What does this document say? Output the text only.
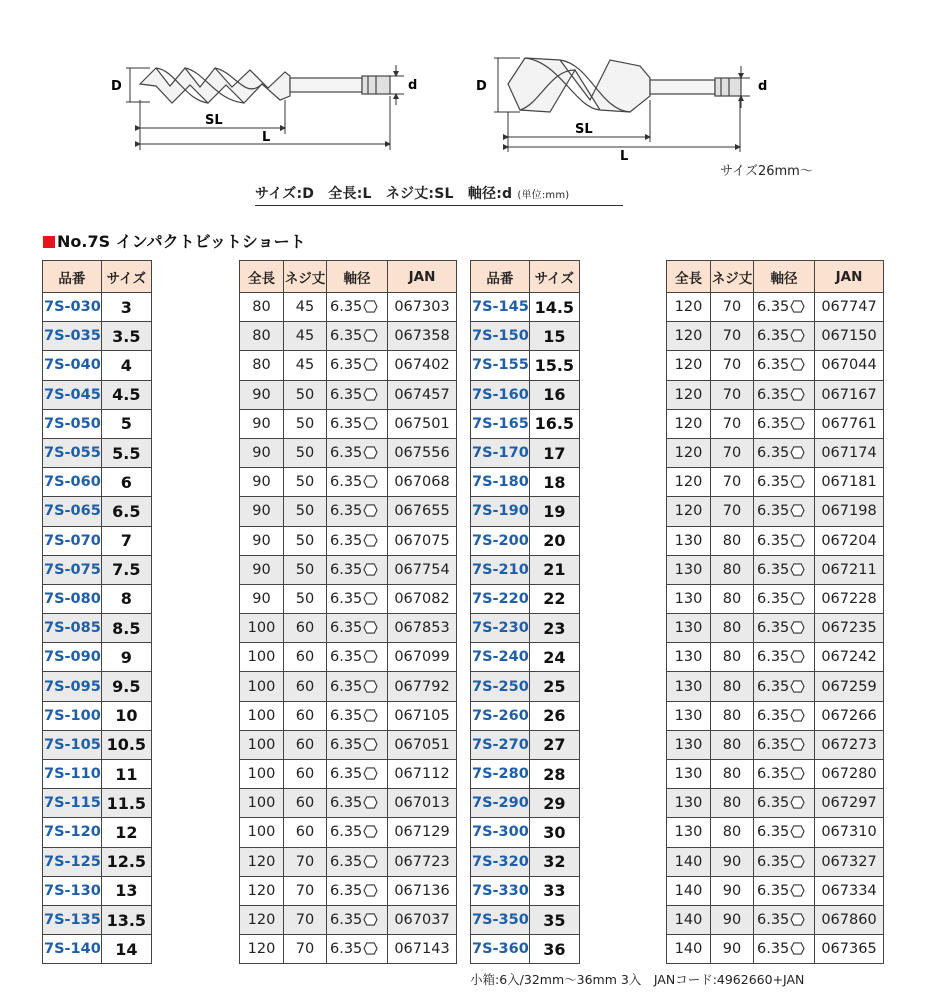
D	d
SL
L
D	d
SL
L
サイズ26mm～
サイズ:D　全長:L　ネジ丈:SL　軸径:d (単位:mm)
No.7S インパクトビットショート
品番	サイズ
7S-030	3
7S-035	3.5
7S-040	4
7S-045	4.5
7S-050	5
7S-055	5.5
7S-060	6
7S-065	6.5
7S-070	7
7S-075	7.5
7S-080	8
7S-085	8.5
7S-090	9
7S-095	9.5
7S-100	10
7S-105	10.5
7S-110	11
7S-115	11.5
7S-120	12
7S-125	12.5
7S-130	13
7S-135	13.5
7S-140	14
全長	ネジ丈	軸径	JAN
80	45	6.35	067303
80	45	6.35	067358
80	45	6.35	067402
90	50	6.35	067457
90	50	6.35	067501
90	50	6.35	067556
90	50	6.35	067068
90	50	6.35	067655
90	50	6.35	067075
90	50	6.35	067754
90	50	6.35	067082
100	60	6.35	067853
100	60	6.35	067099
100	60	6.35	067792
100	60	6.35	067105
100	60	6.35	067051
100	60	6.35	067112
100	60	6.35	067013
100	60	6.35	067129
120	70	6.35	067723
120	70	6.35	067136
120	70	6.35	067037
120	70	6.35	067143
品番	サイズ
7S-145	14.5
7S-150	15
7S-155	15.5
7S-160	16
7S-165	16.5
7S-170	17
7S-180	18
7S-190	19
7S-200	20
7S-210	21
7S-220	22
7S-230	23
7S-240	24
7S-250	25
7S-260	26
7S-270	27
7S-280	28
7S-290	29
7S-300	30
7S-320	32
7S-330	33
7S-350	35
7S-360	36
全長	ネジ丈	軸径	JAN
120	70	6.35	067747
120	70	6.35	067150
120	70	6.35	067044
120	70	6.35	067167
120	70	6.35	067761
120	70	6.35	067174
120	70	6.35	067181
120	70	6.35	067198
130	80	6.35	067204
130	80	6.35	067211
130	80	6.35	067228
130	80	6.35	067235
130	80	6.35	067242
130	80	6.35	067259
130	80	6.35	067266
130	80	6.35	067273
130	80	6.35	067280
130	80	6.35	067297
130	80	6.35	067310
140	90	6.35	067327
140	90	6.35	067334
140	90	6.35	067860
140	90	6.35	067365
小箱:6入/32mm～36mm 3入　JANコード:4962660+JAN
